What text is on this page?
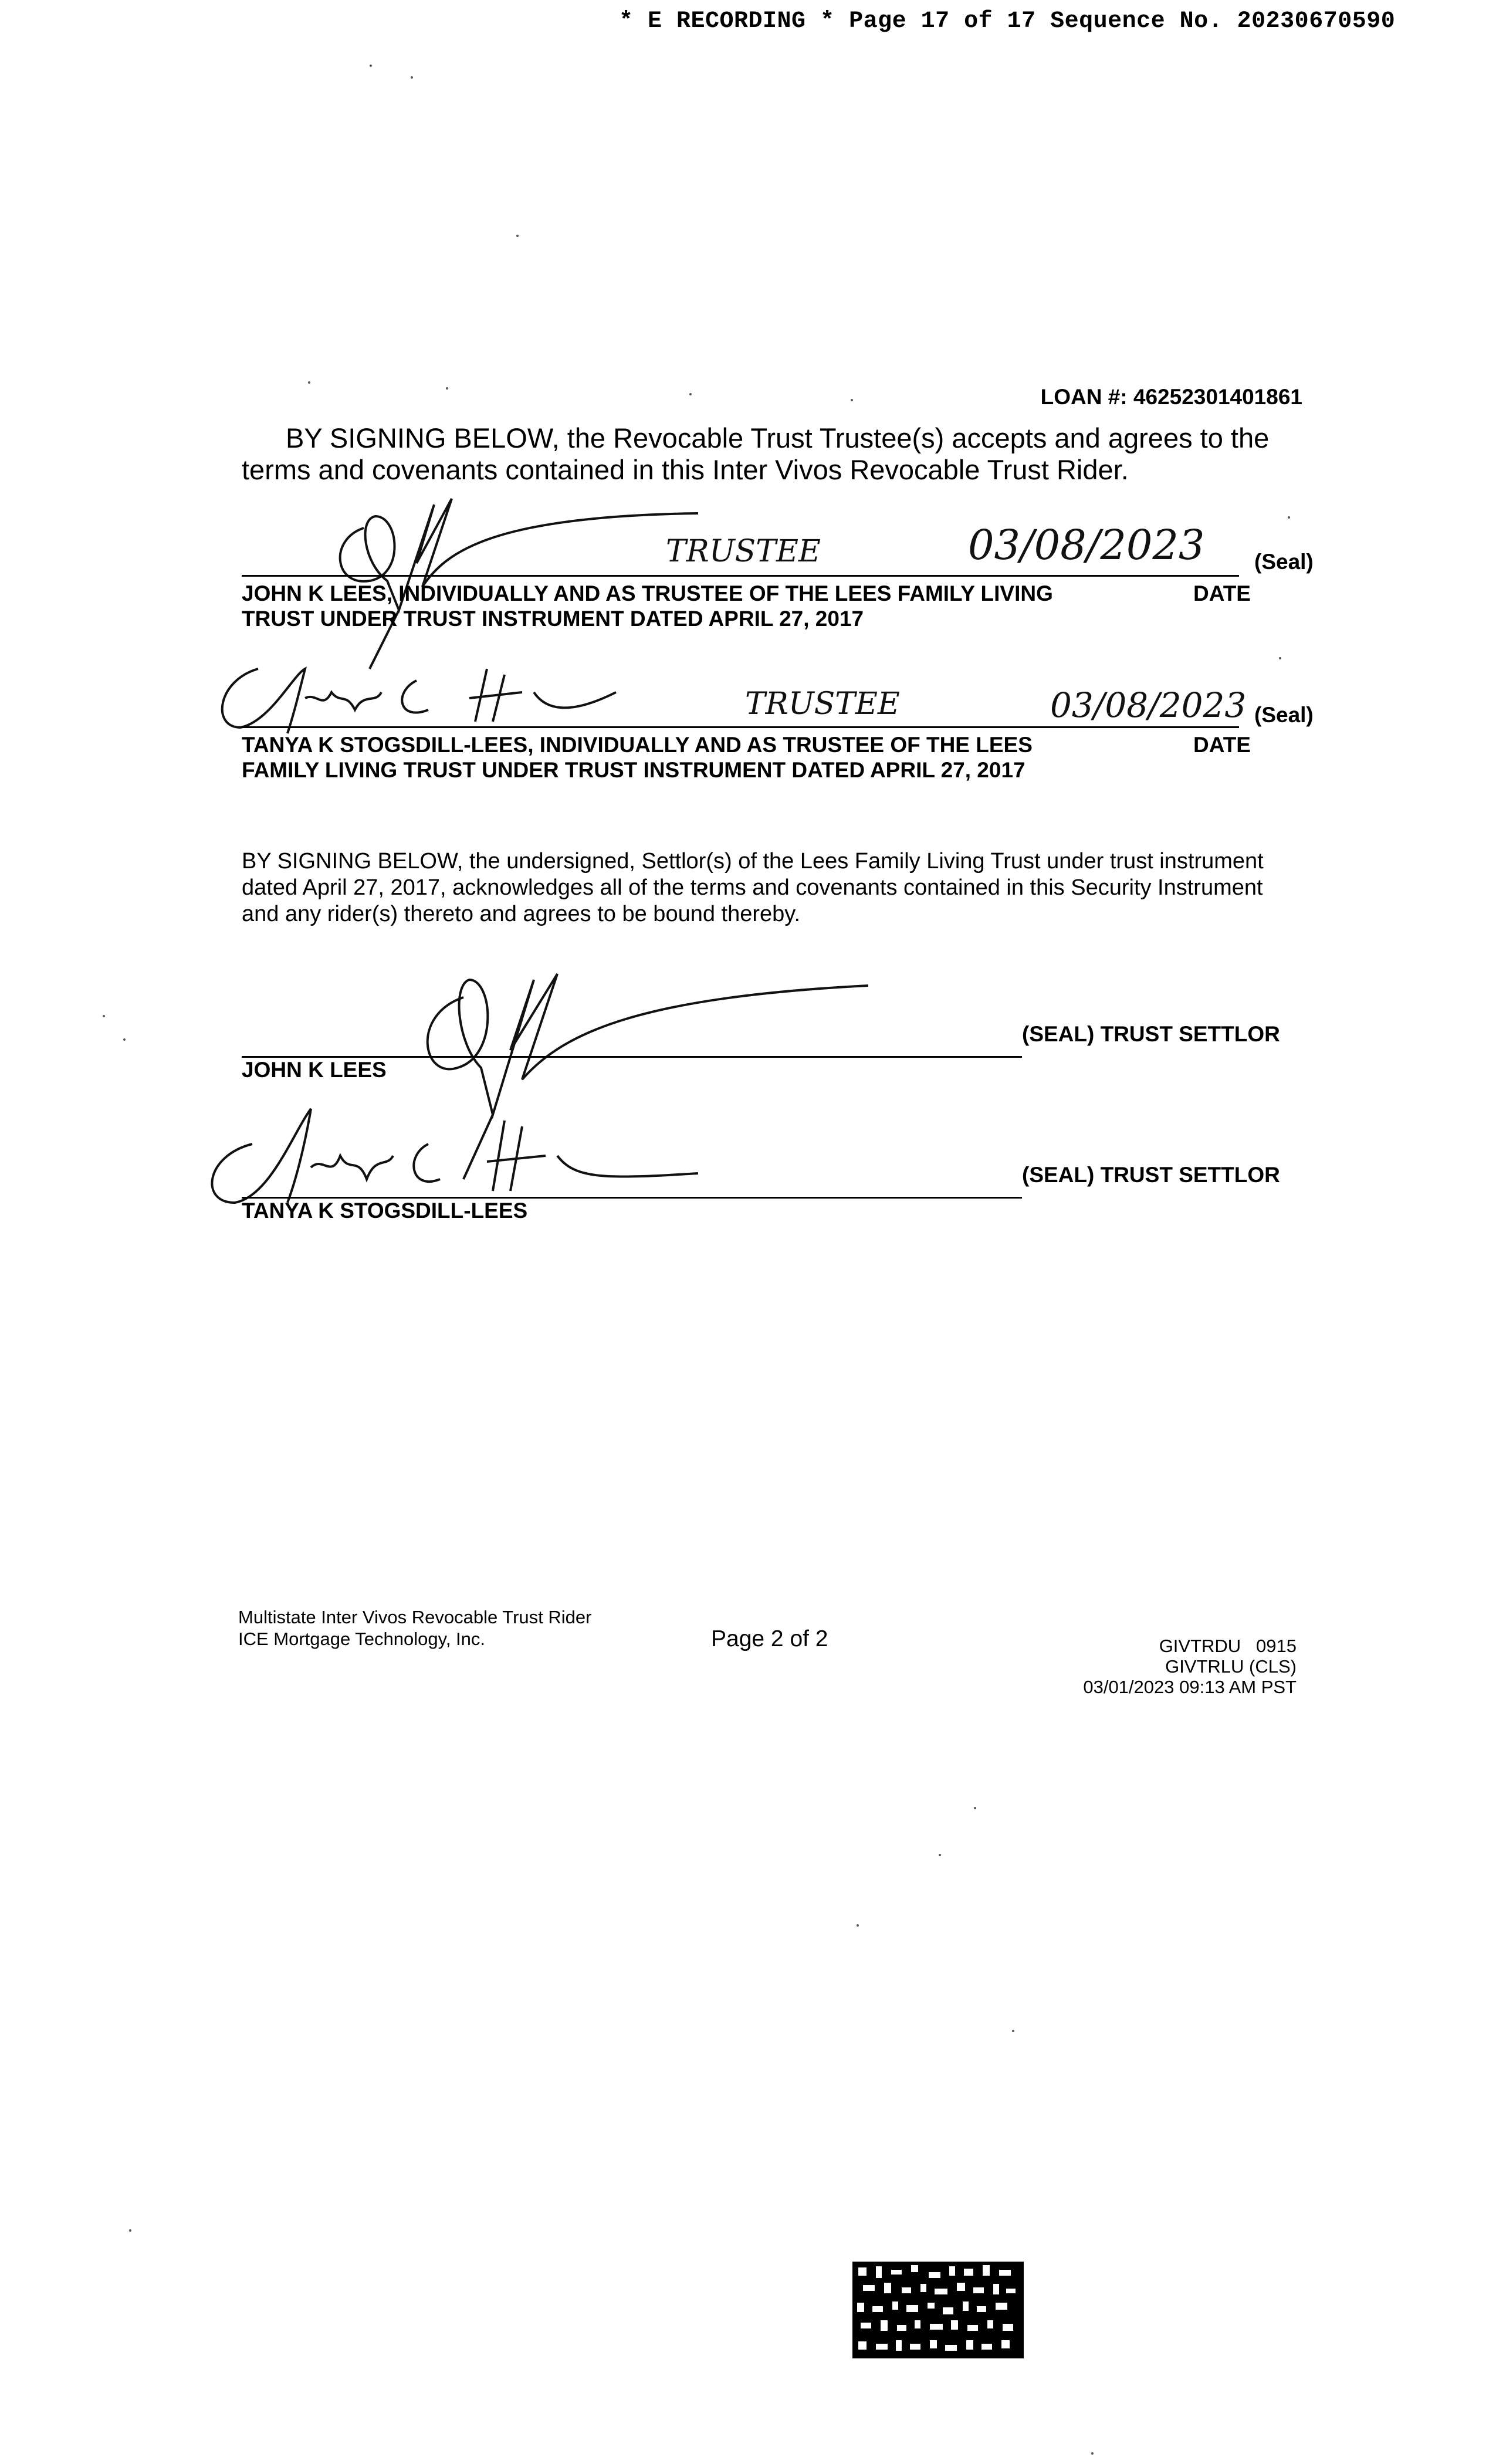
* E RECORDING * Page 17 of 17 Sequence No. 20230670590
LOAN #: 46252301401861
BY SIGNING BELOW, the Revocable Trust Trustee(s) accepts and agrees to the terms and covenants contained in this Inter Vivos Revocable Trust Rider.
TRUSTEE	03/08/2023 (Seal)
JOHN K LEES, INDIVIDUALLY AND AS TRUSTEE OF THE LEES FAMILY LIVING
TRUST UNDER TRUST INSTRUMENT DATED APRIL 27, 2017
DATE
TRUSTEE	03/08/2023 (Seal)
TANYA K STOGSDILL-LEES, INDIVIDUALLY AND AS TRUSTEE OF THE LEES
FAMILY LIVING TRUST UNDER TRUST INSTRUMENT DATED APRIL 27, 2017
DATE
BY SIGNING BELOW, the undersigned, Settlor(s) of the Lees Family Living Trust under trust instrument dated April 27, 2017, acknowledges all of the terms and covenants contained in this Security Instrument and any rider(s) thereto and agrees to be bound thereby.
(SEAL) TRUST SETTLOR
JOHN K LEES
(SEAL) TRUST SETTLOR
TANYA K STOGSDILL-LEES
Multistate Inter Vivos Revocable Trust Rider
ICE Mortgage Technology, Inc.	Page 2 of 2	GIVTRDU   0915
GIVTRLU (CLS)
03/01/2023 09:13 AM PST
